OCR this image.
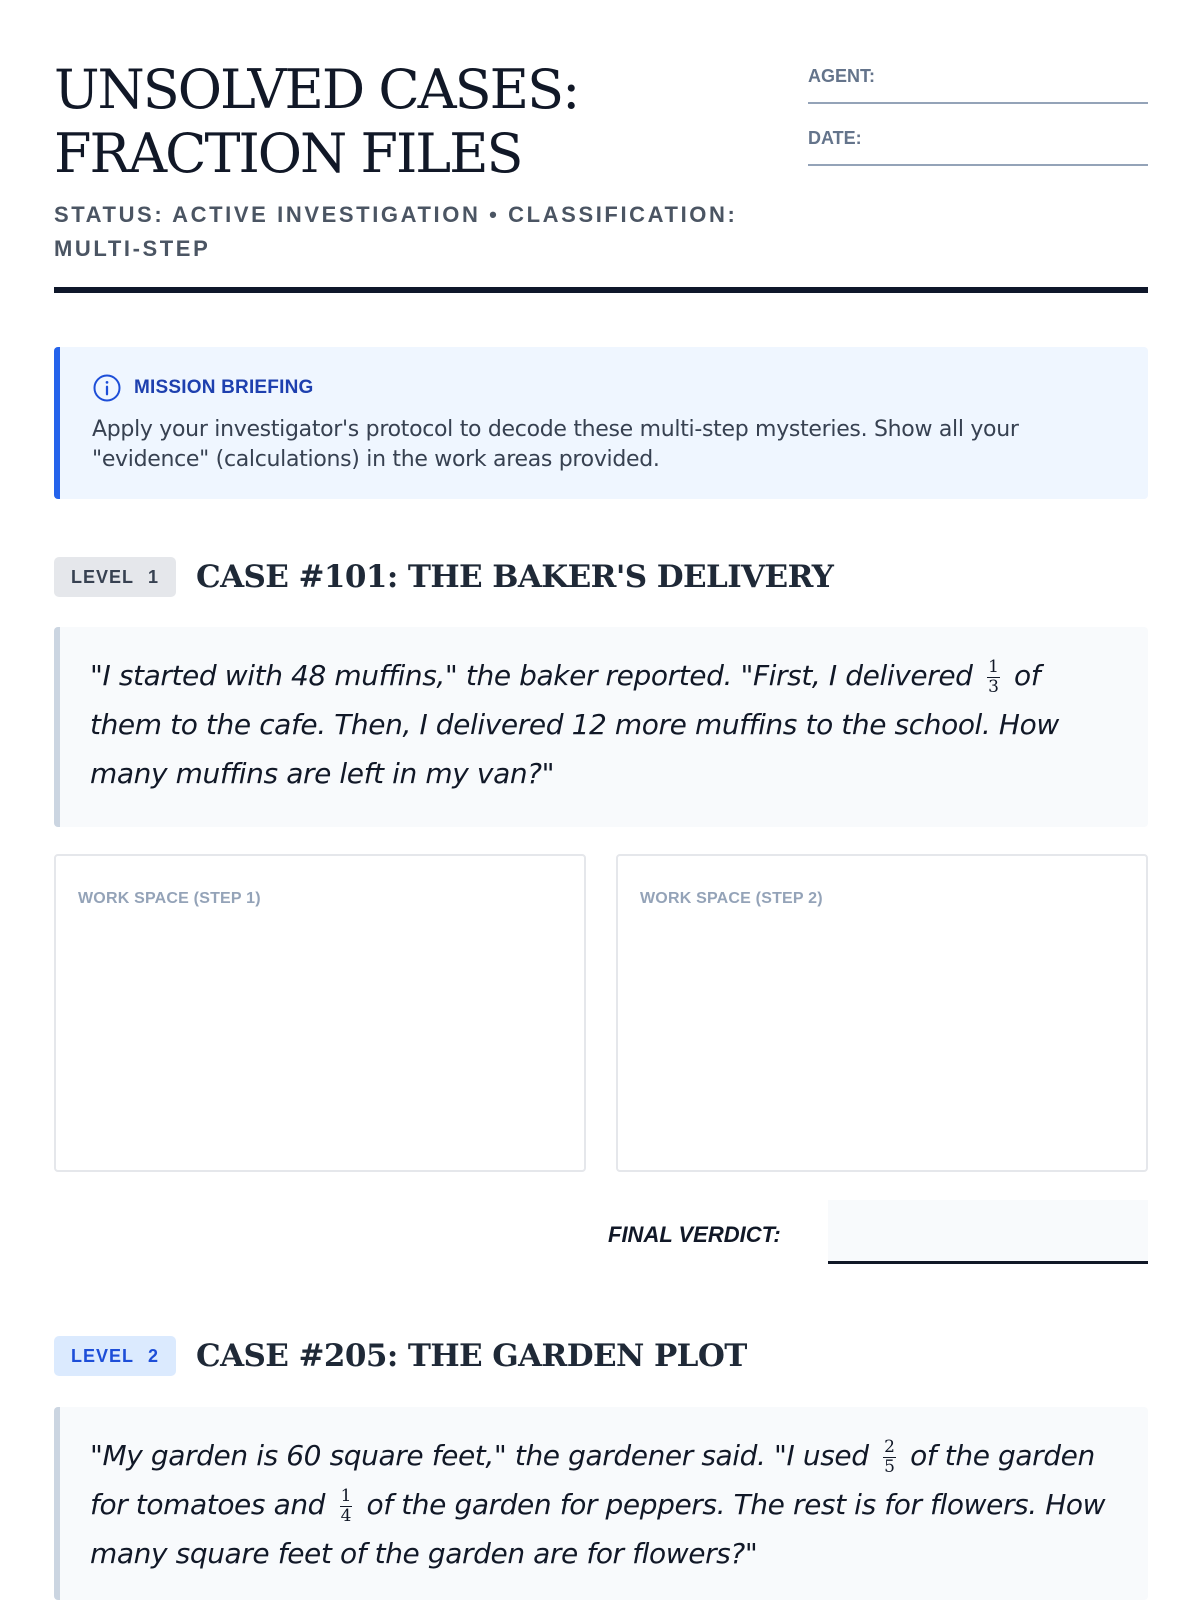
UNSOLVED CASES:
FRACTION FILES
STATUS: ACTIVE INVESTIGATION • CLASSIFICATION: MULTI-STEP
AGENT:
DATE:
MISSION BRIEFING
Apply your investigator's protocol to decode these multi-step mysteries. Show all your "evidence" (calculations) in the work areas provided.
LEVEL 1 CASE #101: THE BAKER'S DELIVERY
"I started with 48 muffins," the baker reported. "First, I delivered $\frac{1}{3}$ of them to the cafe. Then, I delivered 12 more muffins to the school. How many muffins are left in my van?"
WORK SPACE (STEP 1)	WORK SPACE (STEP 2)
FINAL VERDICT:
LEVEL 2 CASE #205: THE GARDEN PLOT
"My garden is 60 square feet," the gardener said. "I used $\frac{2}{5}$ of the garden for tomatoes and $\frac{1}{4}$ of the garden for peppers. The rest is for flowers. How many square feet of the garden are for flowers?"
